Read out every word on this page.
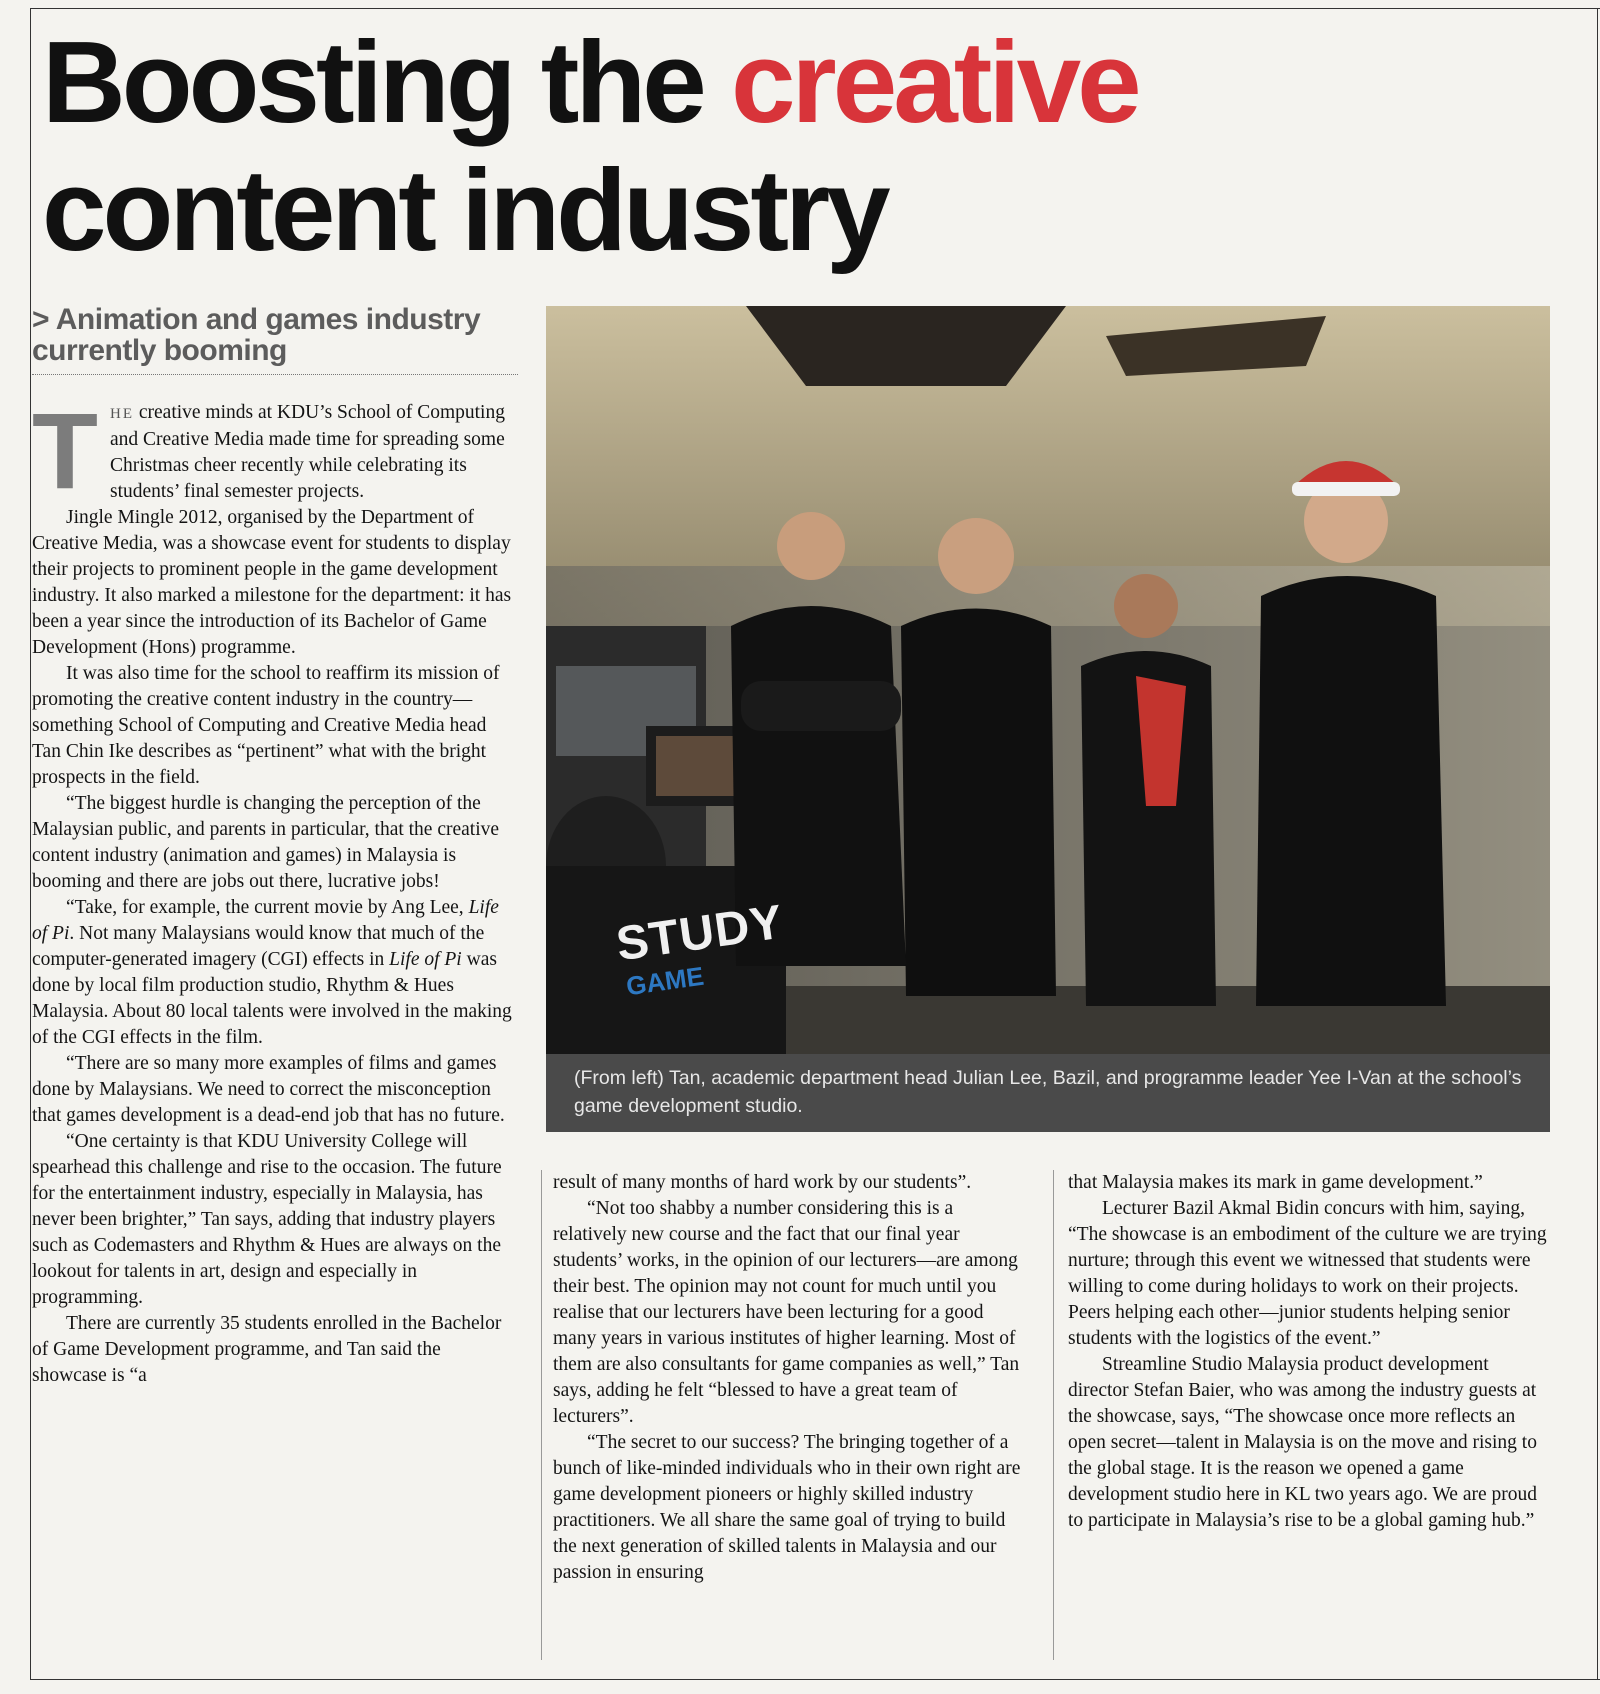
Boosting the creative
content industry
> Animation and games industry currently booming

THE creative minds at KDU’s School of Computing and Creative Media made time for spreading some Christmas cheer recently while celebrating its students’ final semester projects.

Jingle Mingle 2012, organised by the Department of Creative Media, was a showcase event for students to display their projects to prominent people in the game development industry. It also marked a milestone for the department: it has been a year since the introduction of its Bachelor of Game Development (Hons) programme.

It was also time for the school to reaffirm its mission of promoting the creative content industry in the country—something School of Computing and Creative Media head Tan Chin Ike describes as “pertinent” what with the bright prospects in the field.

“The biggest hurdle is changing the perception of the Malaysian public, and parents in particular, that the creative content industry (animation and games) in Malaysia is booming and there are jobs out there, lucrative jobs!

“Take, for example, the current movie by Ang Lee, Life of Pi. Not many Malaysians would know that much of the computer-generated imagery (CGI) effects in Life of Pi was done by local film production studio, Rhythm & Hues Malaysia. About 80 local talents were involved in the making of the CGI effects in the film.

“There are so many more examples of films and games done by Malaysians. We need to correct the misconception that games development is a dead-end job that has no future.

“One certainty is that KDU University College will spearhead this challenge and rise to the occasion. The future for the entertainment industry, especially in Malaysia, has never been brighter,” Tan says, adding that industry players such as Codemasters and Rhythm & Hues are always on the lookout for talents in art, design and especially in programming.

There are currently 35 students enrolled in the Bachelor of Game Development programme, and Tan said the showcase is “a

STUDY
GAME
(From left) Tan, academic department head Julian Lee, Bazil, and programme leader Yee I-Van at the school’s game development studio.

result of many months of hard work by our students”.

“Not too shabby a number considering this is a relatively new course and the fact that our final year students’ works, in the opinion of our lecturers—are among their best. The opinion may not count for much until you realise that our lecturers have been lecturing for a good many years in various institutes of higher learning. Most of them are also consultants for game companies as well,” Tan says, adding he felt “blessed to have a great team of lecturers”.

“The secret to our success? The bringing together of a bunch of like-minded individuals who in their own right are game development pioneers or highly skilled industry practitioners. We all share the same goal of trying to build the next generation of skilled talents in Malaysia and our passion in ensuring

that Malaysia makes its mark in game development.”

Lecturer Bazil Akmal Bidin concurs with him, saying, “The showcase is an embodiment of the culture we are trying nurture; through this event we witnessed that students were willing to come during holidays to work on their projects. Peers helping each other—junior students helping senior students with the logistics of the event.”

Streamline Studio Malaysia product development director Stefan Baier, who was among the industry guests at the showcase, says, “The showcase once more reflects an open secret—talent in Malaysia is on the move and rising to the global stage. It is the reason we opened a game development studio here in KL two years ago. We are proud to participate in Malaysia’s rise to be a global gaming hub.”
